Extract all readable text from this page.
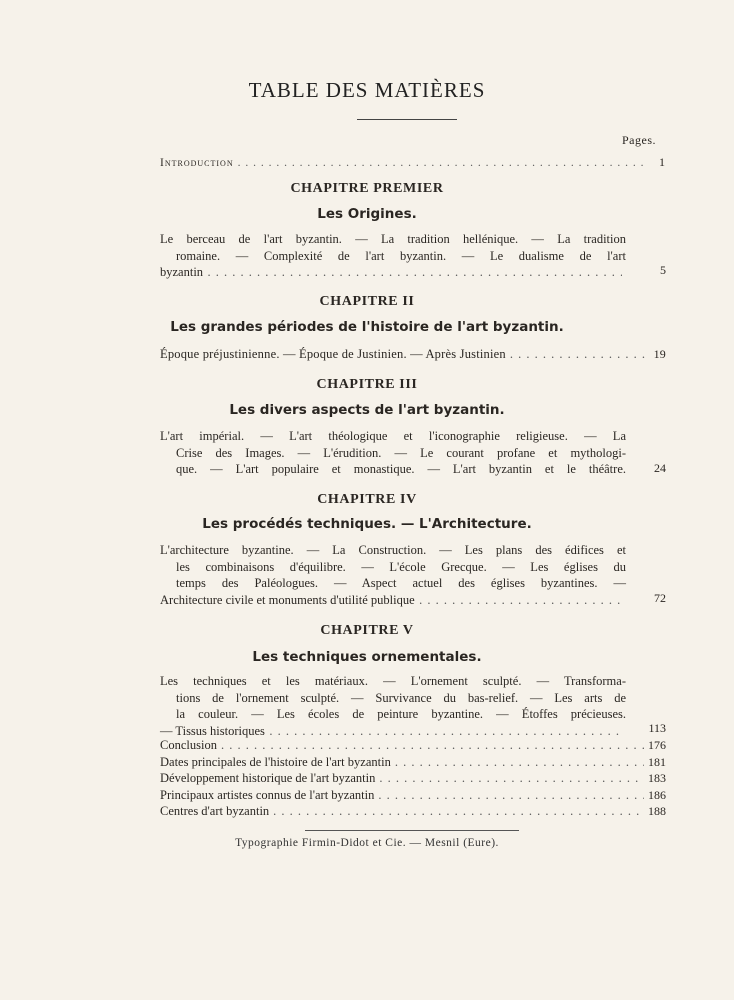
TABLE DES MATIÈRES
Pages.
Introduction . . .	1
CHAPITRE PREMIER
Les Origines.
Le berceau de l'art byzantin. — La tradition hellénique. — La tradition
romaine. — Complexité de l'art byzantin. — Le dualisme de l'art
byzantin . . .	5
CHAPITRE II
Les grandes périodes de l'histoire de l'art byzantin.
Époque préjustinienne. — Époque de Justinien. — Après Justinien . . .	19
CHAPITRE III
Les divers aspects de l'art byzantin.
L'art impérial. — L'art théologique et l'iconographie religieuse. — La
Crise des Images. — L'érudition. — Le courant profane et mythologi-
que. — L'art populaire et monastique. — L'art byzantin et le théâtre.	24
CHAPITRE IV
Les procédés techniques. — L'Architecture.
L'architecture byzantine. — La Construction. — Les plans des édifices et
les combinaisons d'équilibre. — L'école Grecque. — Les églises du
temps des Paléologues. — Aspect actuel des églises byzantines. —
Architecture civile et monuments d'utilité publique . . .	72
CHAPITRE V
Les techniques ornementales.
Les techniques et les matériaux. — L'ornement sculpté. — Transforma-
tions de l'ornement sculpté. — Survivance du bas-relief. — Les arts de
la couleur. — Les écoles de peinture byzantine. — Étoffes précieuses.
— Tissus historiques . . .	113
Conclusion . . .	176
Dates principales de l'histoire de l'art byzantin . . .	181
Développement historique de l'art byzantin . . .	183
Principaux artistes connus de l'art byzantin . . .	186
Centres d'art byzantin . . .	188
Typographie Firmin-Didot et Cie. — Mesnil (Eure).
